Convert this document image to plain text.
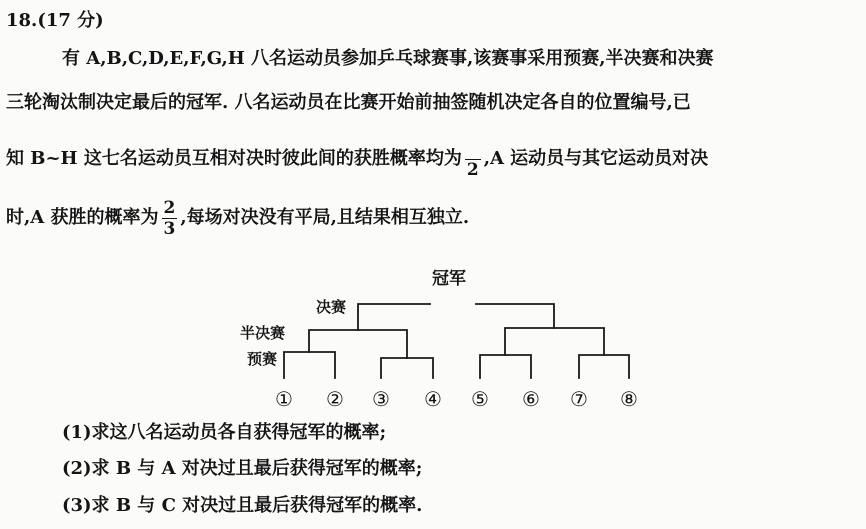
18.(17 分)
有 A,B,C,D,E,F,G,H 八名运动员参加乒乓球赛事,该赛事采用预赛,半决赛和决赛
三轮淘汰制决定最后的冠军. 八名运动员在比赛开始前抽签随机决定各自的位置编号,已
知 B~H 这七名运动员互相对决时彼此间的获胜概率均为
2
,A 运动员与其它运动员对决
时,A 获胜的概率为 $\frac{2}{3}$ ,每场对决没有平局,且结果相互独立.
冠军
决赛
半决赛
预赛
① ② ③ ④ ⑤ ⑥ ⑦ ⑧
(1)求这八名运动员各自获得冠军的概率;
(2)求 B 与 A 对决过且最后获得冠军的概率;
(3)求 B 与 C 对决过且最后获得冠军的概率.
